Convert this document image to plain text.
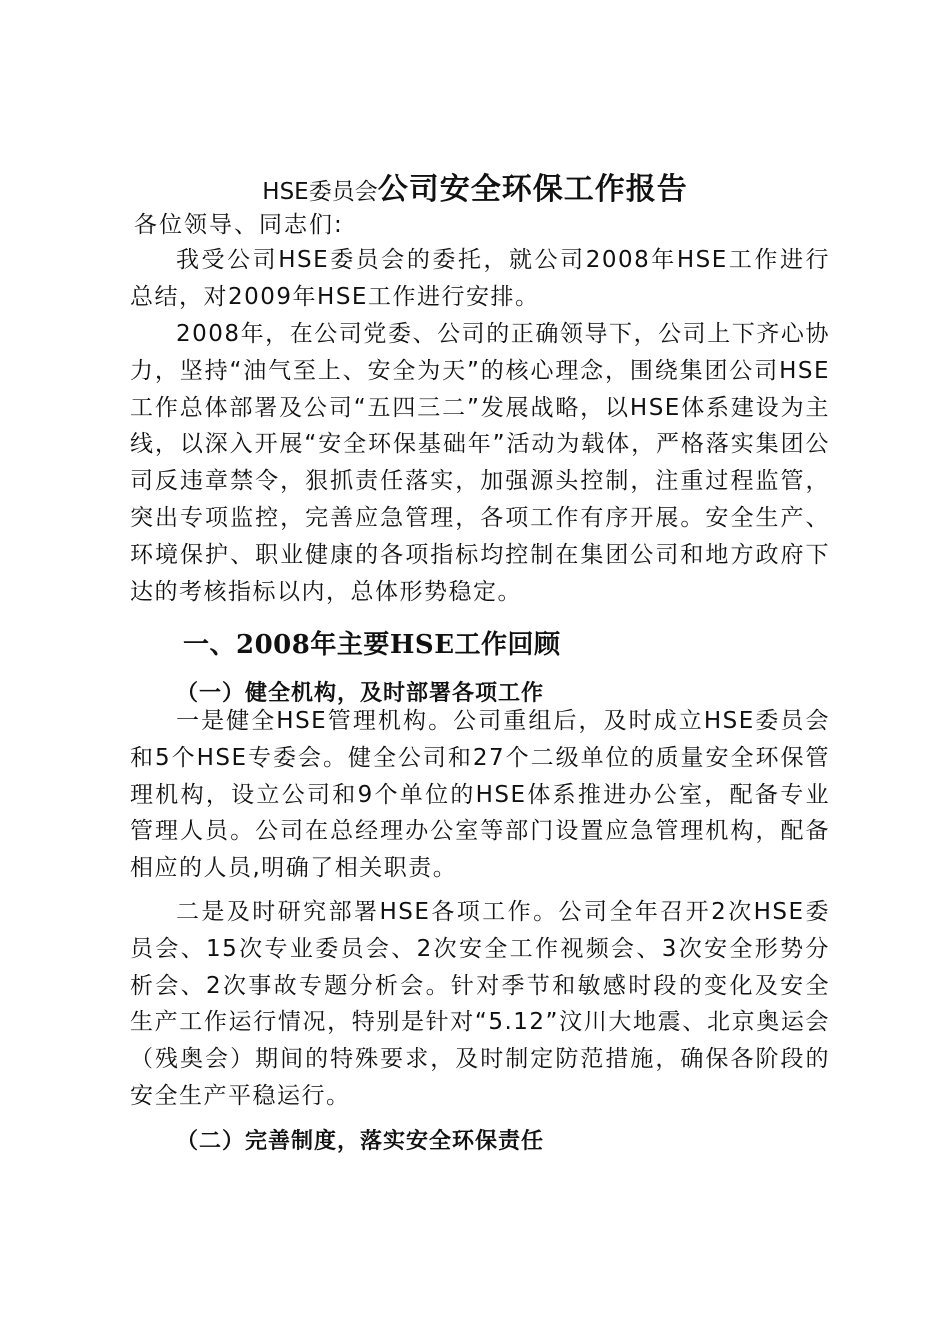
HSE委员会公司安全环保工作报告
各位领导、同志们:

我受公司HSE委员会的委托，就公司2008年HSE工作进行总结，对2009年HSE工作进行安排。

2008年，在公司党委、公司的正确领导下，公司上下齐心协力，坚持“油气至上、安全为天”的核心理念，围绕集团公司HSE工作总体部署及公司“五四三二”发展战略，以HSE体系建设为主线，以深入开展“安全环保基础年”活动为载体，严格落实集团公司反违章禁令，狠抓责任落实，加强源头控制，注重过程监管，突出专项监控，完善应急管理，各项工作有序开展。安全生产、环境保护、职业健康的各项指标均控制在集团公司和地方政府下达的考核指标以内，总体形势稳定。

一、2008年主要HSE工作回顾
（一）健全机构，及时部署各项工作

一是健全HSE管理机构。公司重组后，及时成立HSE委员会和5个HSE专委会。健全公司和27个二级单位的质量安全环保管理机构，设立公司和9个单位的HSE体系推进办公室，配备专业管理人员。公司在总经理办公室等部门设置应急管理机构，配备相应的人员,明确了相关职责。

二是及时研究部署HSE各项工作。公司全年召开2次HSE委员会、15次专业委员会、2次安全工作视频会、3次安全形势分析会、2次事故专题分析会。针对季节和敏感时段的变化及安全生产工作运行情况，特别是针对“5.12”汶川大地震、北京奥运会（残奥会）期间的特殊要求，及时制定防范措施，确保各阶段的安全生产平稳运行。

（二）完善制度，落实安全环保责任
